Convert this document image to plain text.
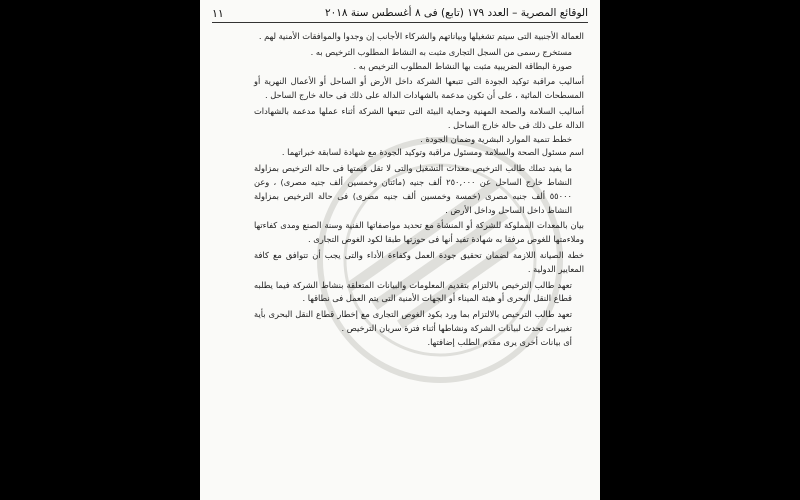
الوقائع المصرية – العدد ١٧٩ (تابع) فى ٨ أغسطس سنة ٢٠١٨
١١

العمالة الأجنبية التى سيتم تشغيلها وبياناتهم والشركاء الأجانب إن وجدوا والموافقات الأمنية لهم .

مستخرج رسمى من السجل التجارى مثبت به النشاط المطلوب الترخيص به .

صورة البطاقة الضريبية مثبت بها النشاط المطلوب الترخيص به .

أساليب مراقبة توكيد الجودة التى تتبعها الشركة داخل الأرض أو الساحل أو الأعمال النهرية أو المسطحات المائية ، على أن تكون مدعمة بالشهادات الدالة على ذلك فى حالة خارج الساحل .

أساليب السلامة والصحة المهنية وحماية البيئة التى تتبعها الشركة أثناء عملها مدعمة بالشهادات الدالة على ذلك فى حالة خارج الساحل .

خطط تنمية الموارد البشرية وضمان الجودة .

اسم مسئول الصحة والسلامة ومسئول مراقبة وتوكيد الجودة مع شهادة لسابقة خبراتهما .

ما يفيد تملك طالب الترخيص معدات التشغيل والتى لا تقل قيمتها فى حالة الترخيص بمزاولة النشاط خارج الساحل عن ٢٥٠,٠٠٠ ألف جنيه (مائتان وخمسين ألف جنيه مصرى) ، وعن ٥٥٠٠٠ ألف جنيه مصرى (خمسة وخمسين ألف جنيه مصرى) فى حالة الترخيص بمزاولة النشاط داخل الساحل وداخل الأرض .

بيان بالمعدات المملوكة للشركة أو المنشأة مع تحديد مواصفاتها الفنية وسنة الصنع ومدى كفاءتها وملاءمتها للغوص مرفقا به شهادة تفيد أنها فى حوزتها طبقا لكود الغوص التجارى .

خطة الصيانة اللازمة لضمان تحقيق جودة العمل وكفاءة الأداء والتى يجب أن تتوافق مع كافة المعايير الدولية .

تعهد طالب الترخيص بالالتزام بتقديم المعلومات والبيانات المتعلقة بنشاط الشركة فيما يطلبه قطاع النقل البحرى أو هيئة الميناء أو الجهات الأمنية التى يتم العمل فى نطاقها .

تعهد طالب الترخيص بالالتزام بما ورد بكود الغوص التجارى مع إخطار قطاع النقل البحرى بأية تغييرات تحدث لبيانات الشركة ونشاطها أثناء فترة سريان الترخيص .

أى بيانات أخرى يرى مقدم الطلب إضافتها.
